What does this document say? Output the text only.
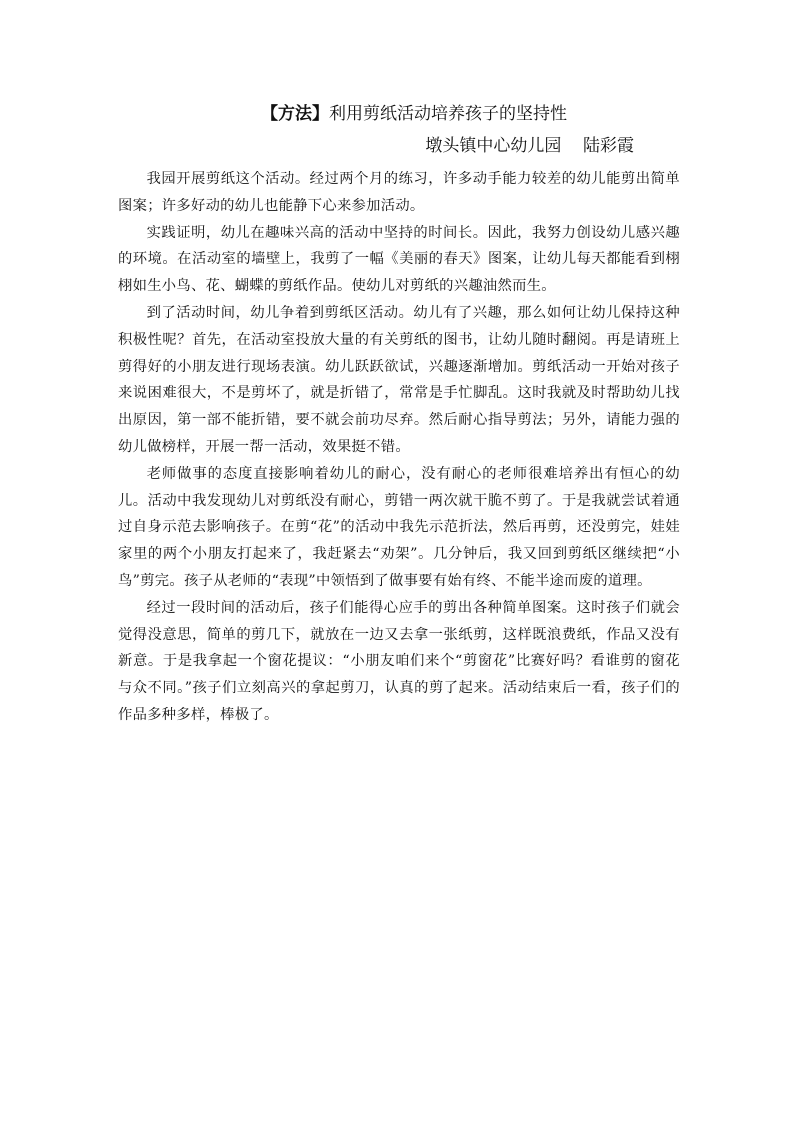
【方法】利用剪纸活动培养孩子的坚持性
墩头镇中心幼儿园    陆彩霞

我园开展剪纸这个活动。经过两个月的练习，许多动手能力较差的幼儿能剪出简单图案；许多好动的幼儿也能静下心来参加活动。

实践证明，幼儿在趣味兴高的活动中坚持的时间长。因此，我努力创设幼儿感兴趣的环境。在活动室的墙壁上，我剪了一幅《美丽的春天》图案，让幼儿每天都能看到栩栩如生小鸟、花、蝴蝶的剪纸作品。使幼儿对剪纸的兴趣油然而生。

到了活动时间，幼儿争着到剪纸区活动。幼儿有了兴趣，那么如何让幼儿保持这种积极性呢？首先，在活动室投放大量的有关剪纸的图书，让幼儿随时翻阅。再是请班上剪得好的小朋友进行现场表演。幼儿跃跃欲试，兴趣逐渐增加。剪纸活动一开始对孩子来说困难很大，不是剪坏了，就是折错了，常常是手忙脚乱。这时我就及时帮助幼儿找出原因，第一部不能折错，要不就会前功尽弃。然后耐心指导剪法；另外，请能力强的幼儿做榜样，开展一帮一活动，效果挺不错。

老师做事的态度直接影响着幼儿的耐心，没有耐心的老师很难培养出有恒心的幼儿。活动中我发现幼儿对剪纸没有耐心，剪错一两次就干脆不剪了。于是我就尝试着通过自身示范去影响孩子。在剪“花”的活动中我先示范折法，然后再剪，还没剪完，娃娃家里的两个小朋友打起来了，我赶紧去“劝架”。几分钟后，我又回到剪纸区继续把“小鸟”剪完。孩子从老师的“表现”中领悟到了做事要有始有终、不能半途而废的道理。

经过一段时间的活动后，孩子们能得心应手的剪出各种简单图案。这时孩子们就会觉得没意思，简单的剪几下，就放在一边又去拿一张纸剪，这样既浪费纸，作品又没有新意。于是我拿起一个窗花提议：“小朋友咱们来个“剪窗花”比赛好吗？看谁剪的窗花与众不同。”孩子们立刻高兴的拿起剪刀，认真的剪了起来。活动结束后一看，孩子们的作品多种多样，棒极了。
